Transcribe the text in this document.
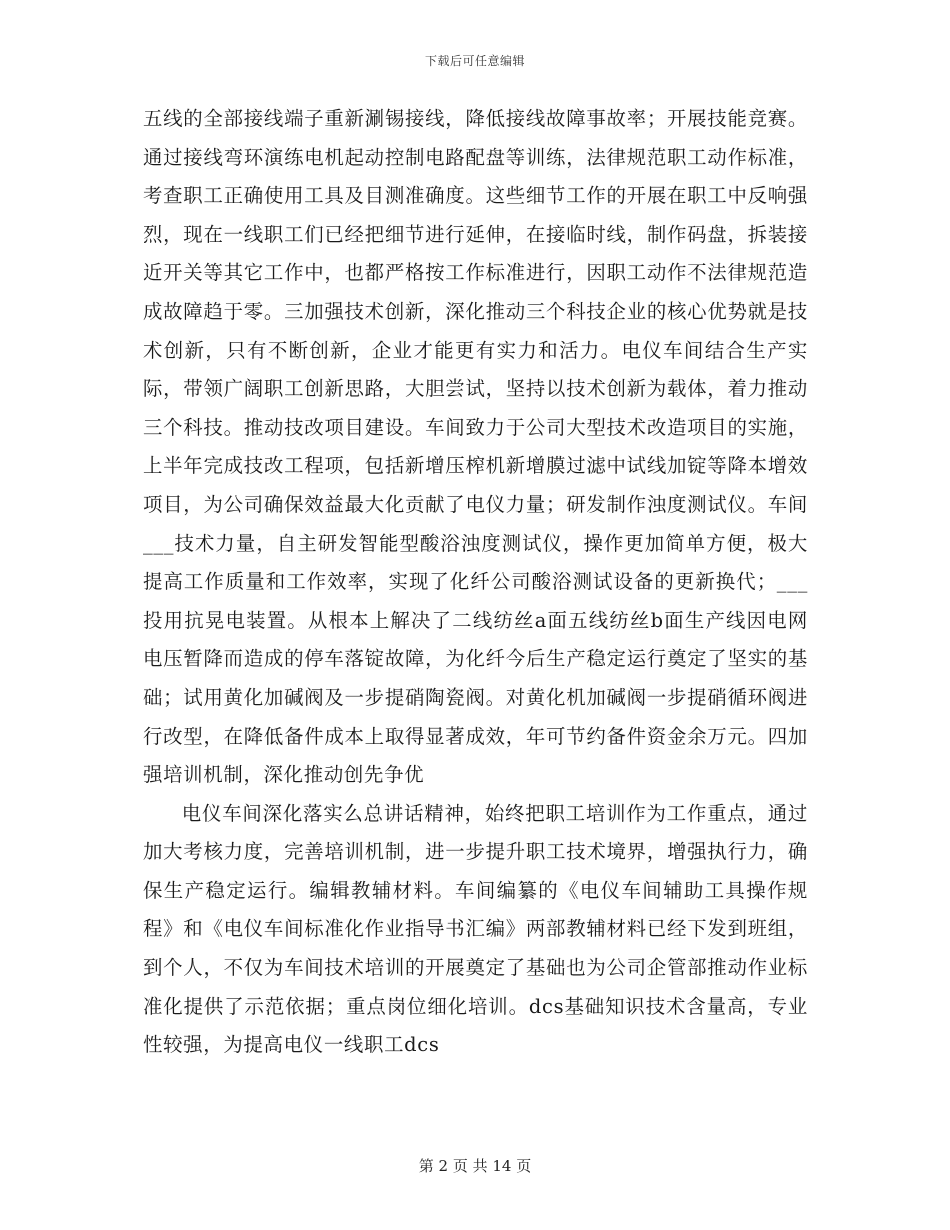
下载后可任意编辑

五线的全部接线端子重新涮锡接线，降低接线故障事故率；开展技能竞赛。通过接线弯环演练电机起动控制电路配盘等训练，法律规范职工动作标准，考查职工正确使用工具及目测准确度。这些细节工作的开展在职工中反响强烈，现在一线职工们已经把细节进行延伸，在接临时线，制作码盘，拆装接近开关等其它工作中，也都严格按工作标准进行，因职工动作不法律规范造成故障趋于零。三加强技术创新，深化推动三个科技企业的核心优势就是技术创新，只有不断创新，企业才能更有实力和活力。电仪车间结合生产实际，带领广阔职工创新思路，大胆尝试，坚持以技术创新为载体，着力推动三个科技。推动技改项目建设。车间致力于公司大型技术改造项目的实施，上半年完成技改工程项，包括新增压榨机新增膜过滤中试线加锭等降本增效项目，为公司确保效益最大化贡献了电仪力量；研发制作浊度测试仪。车间___技术力量，自主研发智能型酸浴浊度测试仪，操作更加简单方便，极大提高工作质量和工作效率，实现了化纤公司酸浴测试设备的更新换代；___投用抗晃电装置。从根本上解决了二线纺丝a面五线纺丝b面生产线因电网电压暂降而造成的停车落锭故障，为化纤今后生产稳定运行奠定了坚实的基础；试用黄化加碱阀及一步提硝陶瓷阀。对黄化机加碱阀一步提硝循环阀进行改型，在降低备件成本上取得显著成效，年可节约备件资金余万元。四加强培训机制，深化推动创先争优

电仪车间深化落实么总讲话精神，始终把职工培训作为工作重点，通过加大考核力度，完善培训机制，进一步提升职工技术境界，增强执行力，确保生产稳定运行。编辑教辅材料。车间编纂的《电仪车间辅助工具操作规程》和《电仪车间标准化作业指导书汇编》两部教辅材料已经下发到班组，到个人，不仅为车间技术培训的开展奠定了基础也为公司企管部推动作业标准化提供了示范依据；重点岗位细化培训。dcs基础知识技术含量高，专业性较强，为提高电仪一线职工dcs

第 2 页 共 14 页
